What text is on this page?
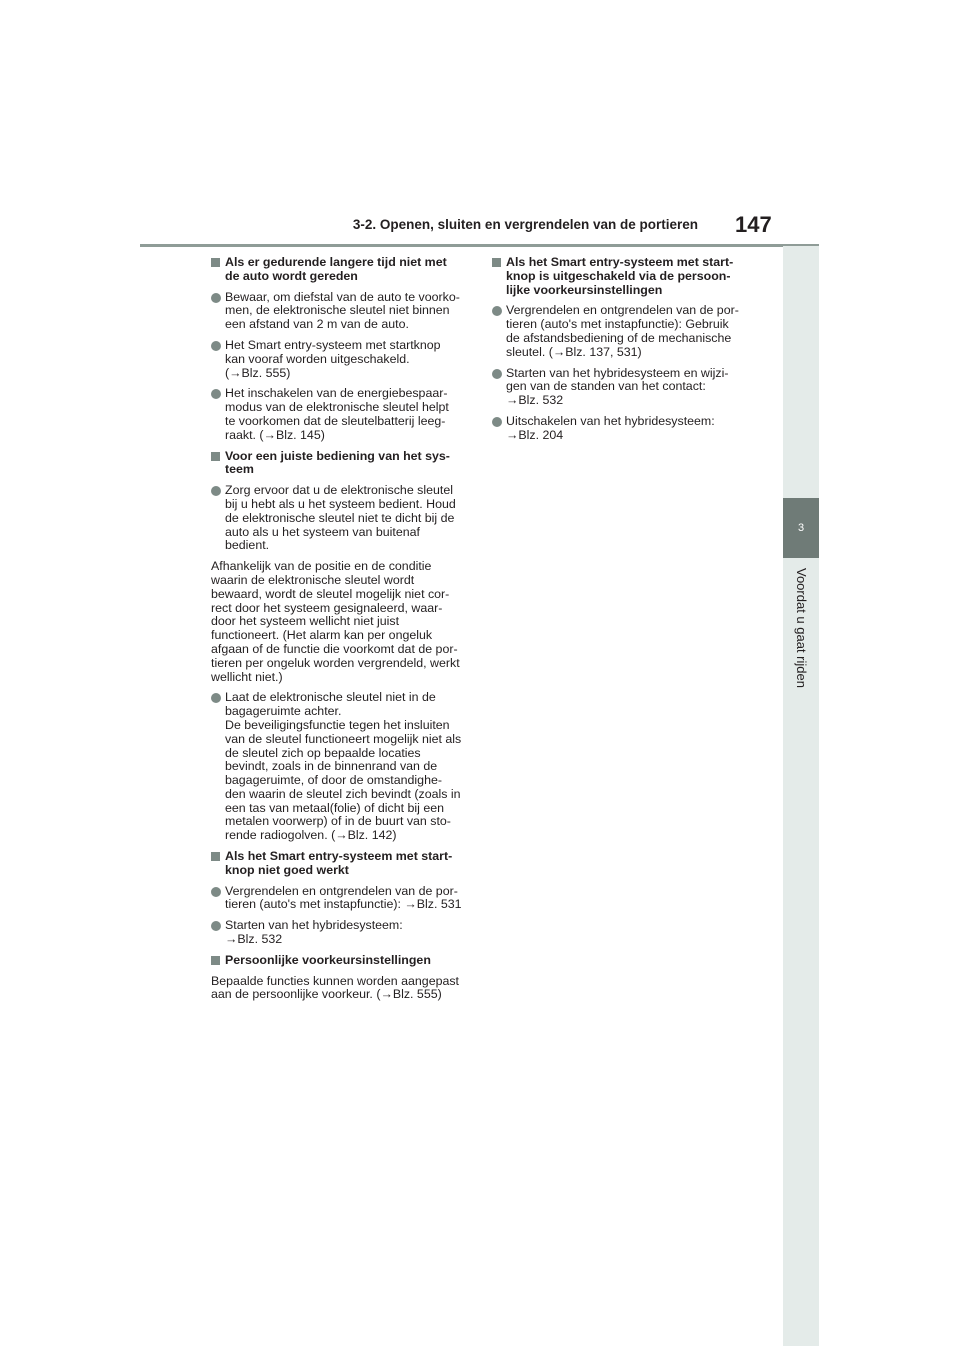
3-2. Openen, sluiten en vergrendelen van de portieren 147
3
Voordat u gaat rijden
Als er gedurende langere tijd niet met
de auto wordt gereden
Bewaar, om diefstal van de auto te voorko-
men, de elektronische sleutel niet binnen
een afstand van 2 m van de auto.
Het Smart entry-systeem met startknop
kan vooraf worden uitgeschakeld.
(→Blz. 555)
Het inschakelen van de energiebespaar-
modus van de elektronische sleutel helpt
te voorkomen dat de sleutelbatterij leeg-
raakt. (→Blz. 145)
Voor een juiste bediening van het sys-
teem
Zorg ervoor dat u de elektronische sleutel
bij u hebt als u het systeem bedient. Houd
de elektronische sleutel niet te dicht bij de
auto als u het systeem van buitenaf
bedient.
Afhankelijk van de positie en de conditie
waarin de elektronische sleutel wordt
bewaard, wordt de sleutel mogelijk niet cor-
rect door het systeem gesignaleerd, waar-
door het systeem wellicht niet juist
functioneert. (Het alarm kan per ongeluk
afgaan of de functie die voorkomt dat de por-
tieren per ongeluk worden vergrendeld, werkt
wellicht niet.)
Laat de elektronische sleutel niet in de
bagageruimte achter.
De beveiligingsfunctie tegen het insluiten
van de sleutel functioneert mogelijk niet als
de sleutel zich op bepaalde locaties
bevindt, zoals in de binnenrand van de
bagageruimte, of door de omstandighe-
den waarin de sleutel zich bevindt (zoals in
een tas van metaal(folie) of dicht bij een
metalen voorwerp) of in de buurt van sto-
rende radiogolven. (→Blz. 142)
Als het Smart entry-systeem met start-
knop niet goed werkt
Vergrendelen en ontgrendelen van de por-
tieren (auto's met instapfunctie): →Blz. 531
Starten van het hybridesysteem:
→Blz. 532
Persoonlijke voorkeursinstellingen
Bepaalde functies kunnen worden aangepast
aan de persoonlijke voorkeur. (→Blz. 555)
Als het Smart entry-systeem met start-
knop is uitgeschakeld via de persoon-
lijke voorkeursinstellingen
Vergrendelen en ontgrendelen van de por-
tieren (auto's met instapfunctie): Gebruik
de afstandsbediening of de mechanische
sleutel. (→Blz. 137, 531)
Starten van het hybridesysteem en wijzi-
gen van de standen van het contact:
→Blz. 532
Uitschakelen van het hybridesysteem:
→Blz. 204
